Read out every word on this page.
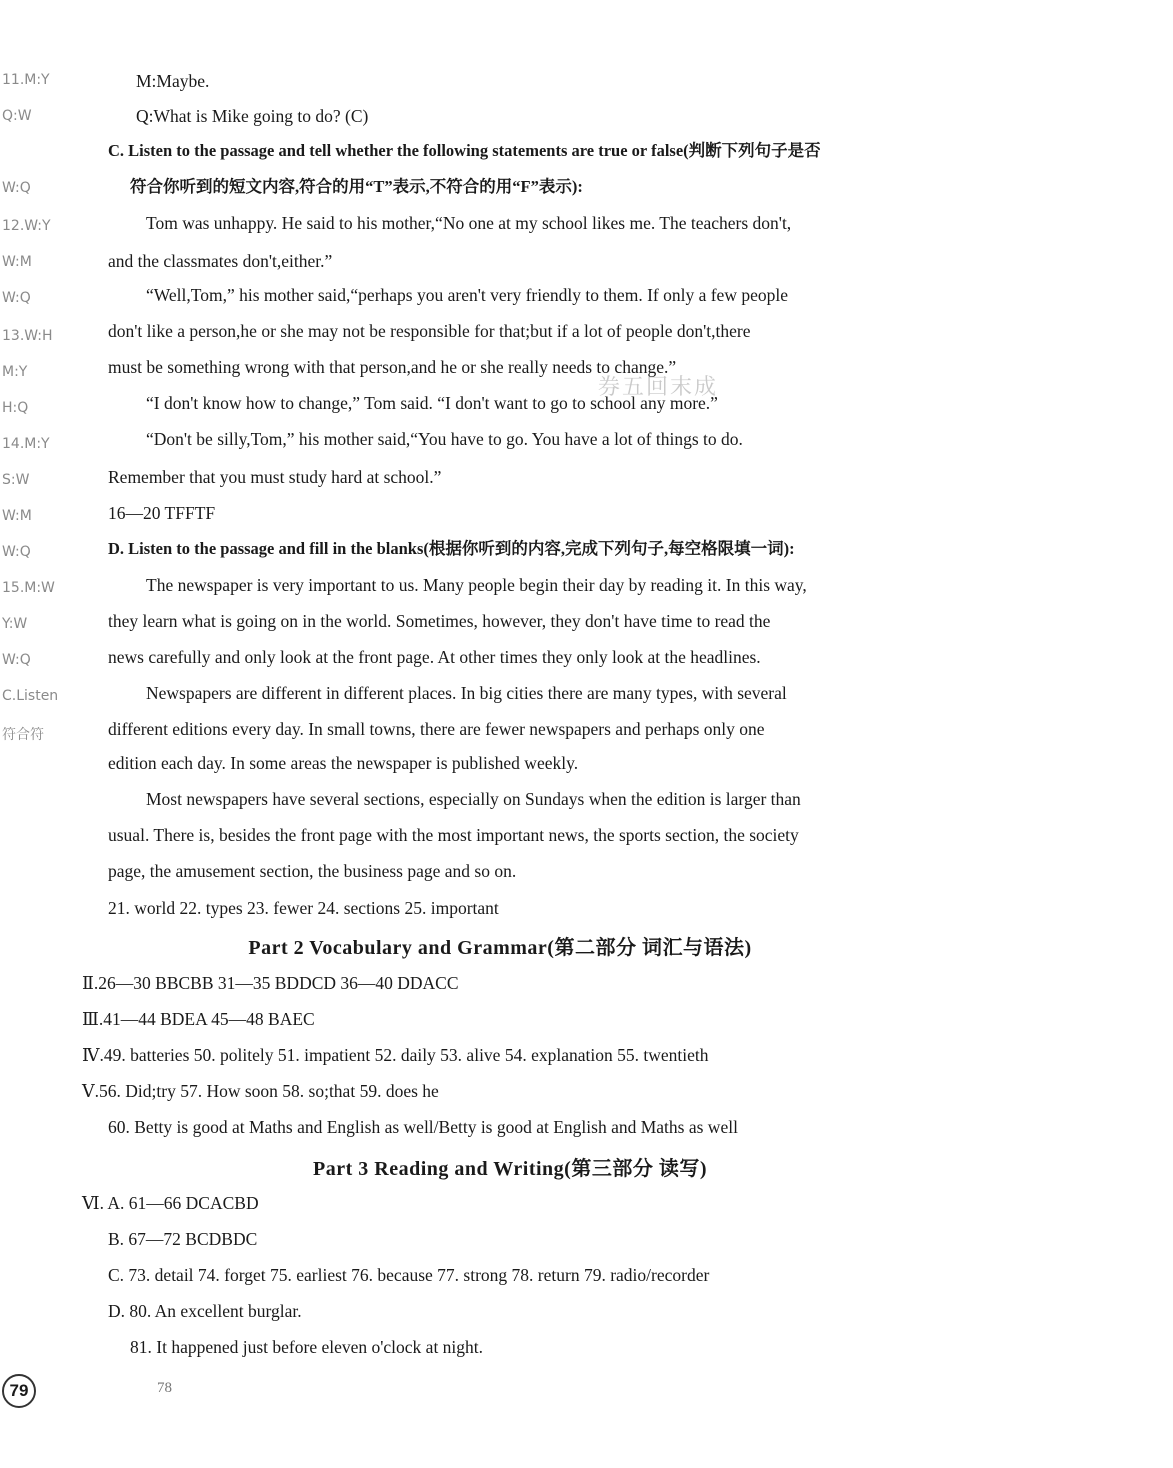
11.M:Y
Q:W
W:Q
12.W:Y
W:M
W:Q
13.W:H
M:Y
H:Q
14.M:Y
S:W
W:M
W:Q
15.M:W
Y:W
W:Q
C.Listen
符合符
M:Maybe.
Q:What is Mike going to do? (C)
C. Listen to the passage and tell whether the following statements are true or false(判断下列句子是否
符合你听到的短文内容,符合的用“T”表示,不符合的用“F”表示):
Tom was unhappy. He said to his mother,“No one at my school likes me. The teachers don't,
and the classmates don't,either.”
“Well,Tom,” his mother said,“perhaps you aren't very friendly to them. If only a few people
don't like a person,he or she may not be responsible for that;but if a lot of people don't,there
must be something wrong with that person,and he or she really needs to change.”
“I don't know how to change,” Tom said. “I don't want to go to school any more.”
“Don't be silly,Tom,” his mother said,“You have to go. You have a lot of things to do.
Remember that you must study hard at school.”
券五回末成
16—20 TFFTF
D. Listen to the passage and fill in the blanks(根据你听到的内容,完成下列句子,每空格限填一词):
The newspaper is very important to us. Many people begin their day by reading it. In this way,
they learn what is going on in the world. Sometimes, however, they don't have time to read the
news carefully and only look at the front page. At other times they only look at the headlines.
Newspapers are different in different places. In big cities there are many types, with several
different editions every day. In small towns, there are fewer newspapers and perhaps only one
edition each day. In some areas the newspaper is published weekly.
Most newspapers have several sections, especially on Sundays when the edition is larger than
usual. There is, besides the front page with the most important news, the sports section, the society
page, the amusement section, the business page and so on.
21. world 22. types 23. fewer 24. sections 25. important
Part 2 Vocabulary and Grammar(第二部分 词汇与语法)
Ⅱ.26—30 BBCBB 31—35 BDDCD 36—40 DDACC
Ⅲ.41—44 BDEA 45—48 BAEC
Ⅳ.49. batteries 50. politely 51. impatient 52. daily 53. alive 54. explanation 55. twentieth
Ⅴ.56. Did;try 57. How soon 58. so;that 59. does he
60. Betty is good at Maths and English as well/Betty is good at English and Maths as well
Part 3 Reading and Writing(第三部分 读写)
Ⅵ. A. 61—66 DCACBD
B. 67—72 BCDBDC
C. 73. detail 74. forget 75. earliest 76. because 77. strong 78. return 79. radio/recorder
D. 80. An excellent burglar.
81. It happened just before eleven o'clock at night.
79	78
